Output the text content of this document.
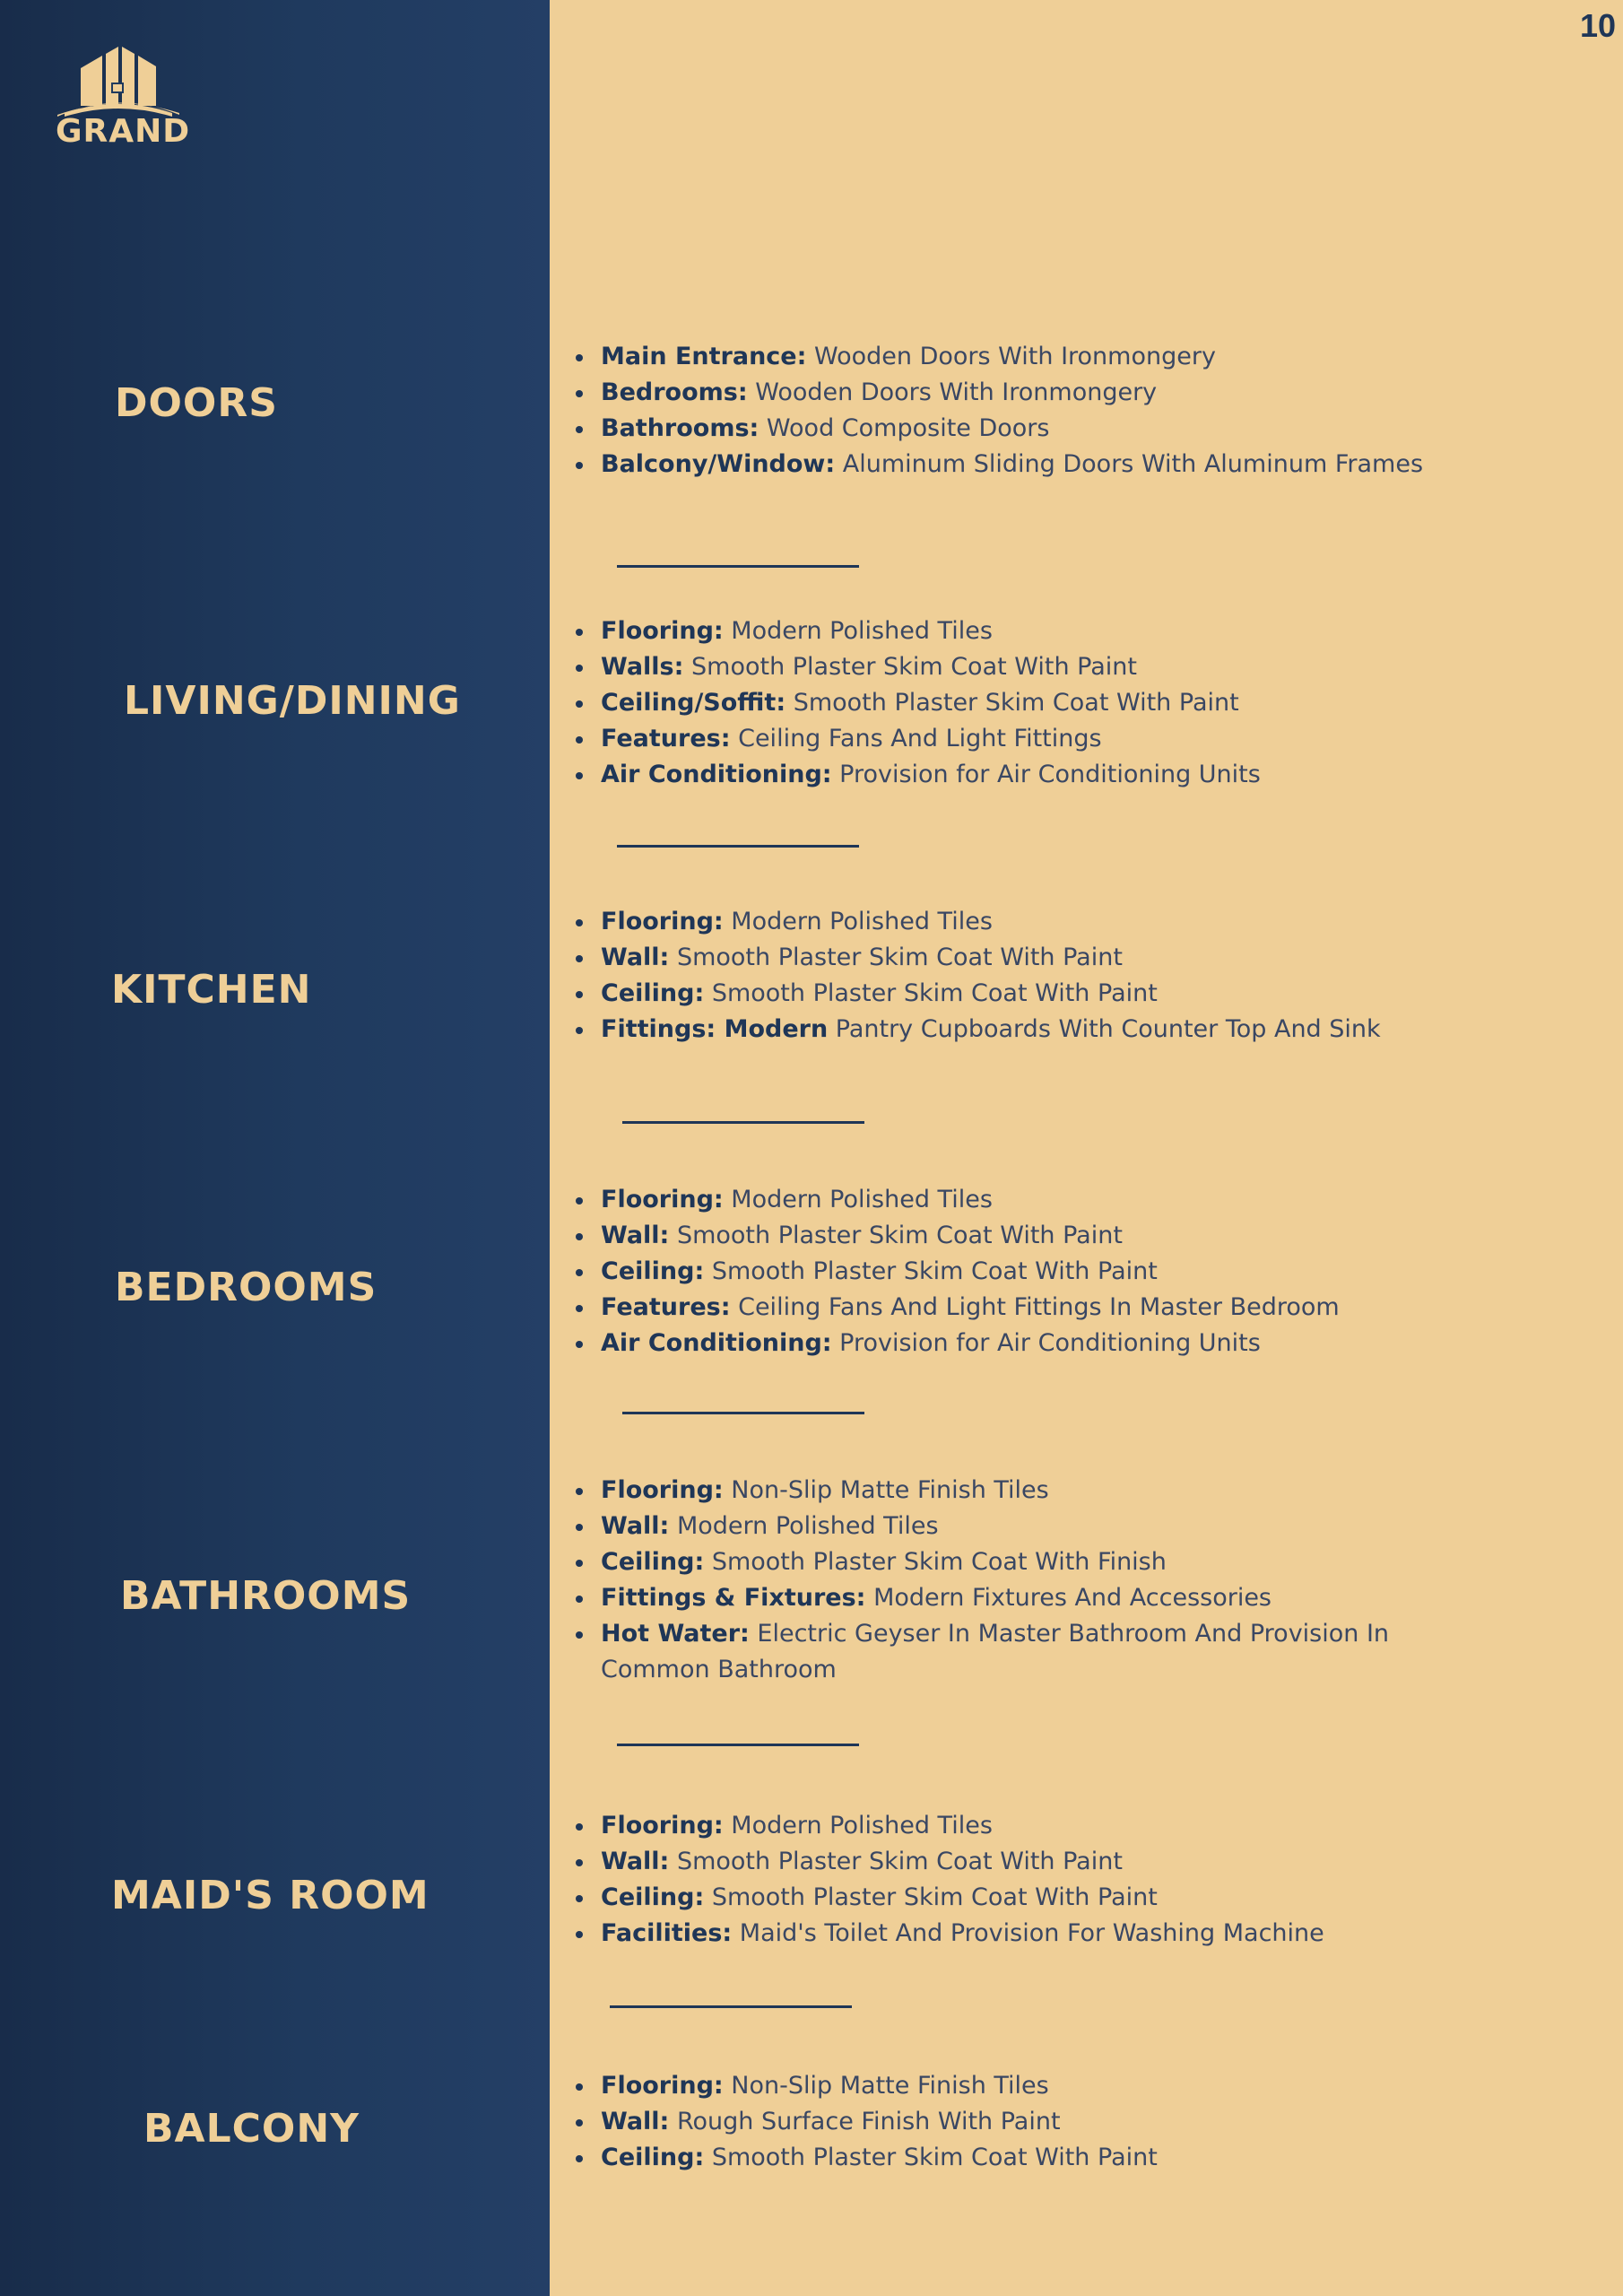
GRAND
DOORS
LIVING/DINING
KITCHEN
BEDROOMS
BATHROOMS
MAID'S ROOM
BALCONY
10
Main Entrance: Wooden Doors With Ironmongery
Bedrooms: Wooden Doors With Ironmongery
Bathrooms: Wood Composite Doors
Balcony/Window: Aluminum Sliding Doors With Aluminum Frames
Flooring: Modern Polished Tiles
Walls: Smooth Plaster Skim Coat With Paint
Ceiling/Soffit: Smooth Plaster Skim Coat With Paint
Features: Ceiling Fans And Light Fittings
Air Conditioning: Provision for Air Conditioning Units
Flooring: Modern Polished Tiles
Wall: Smooth Plaster Skim Coat With Paint
Ceiling: Smooth Plaster Skim Coat With Paint
Fittings: Modern Pantry Cupboards With Counter Top And Sink
Flooring: Modern Polished Tiles
Wall: Smooth Plaster Skim Coat With Paint
Ceiling: Smooth Plaster Skim Coat With Paint
Features: Ceiling Fans And Light Fittings In Master Bedroom
Air Conditioning: Provision for Air Conditioning Units
Flooring: Non-Slip Matte Finish Tiles
Wall: Modern Polished Tiles
Ceiling: Smooth Plaster Skim Coat With Finish
Fittings & Fixtures: Modern Fixtures And Accessories
Hot Water: Electric Geyser In Master Bathroom And Provision In Common Bathroom
Flooring: Modern Polished Tiles
Wall: Smooth Plaster Skim Coat With Paint
Ceiling: Smooth Plaster Skim Coat With Paint
Facilities: Maid's Toilet And Provision For Washing Machine
Flooring: Non-Slip Matte Finish Tiles
Wall: Rough Surface Finish With Paint
Ceiling: Smooth Plaster Skim Coat With Paint
